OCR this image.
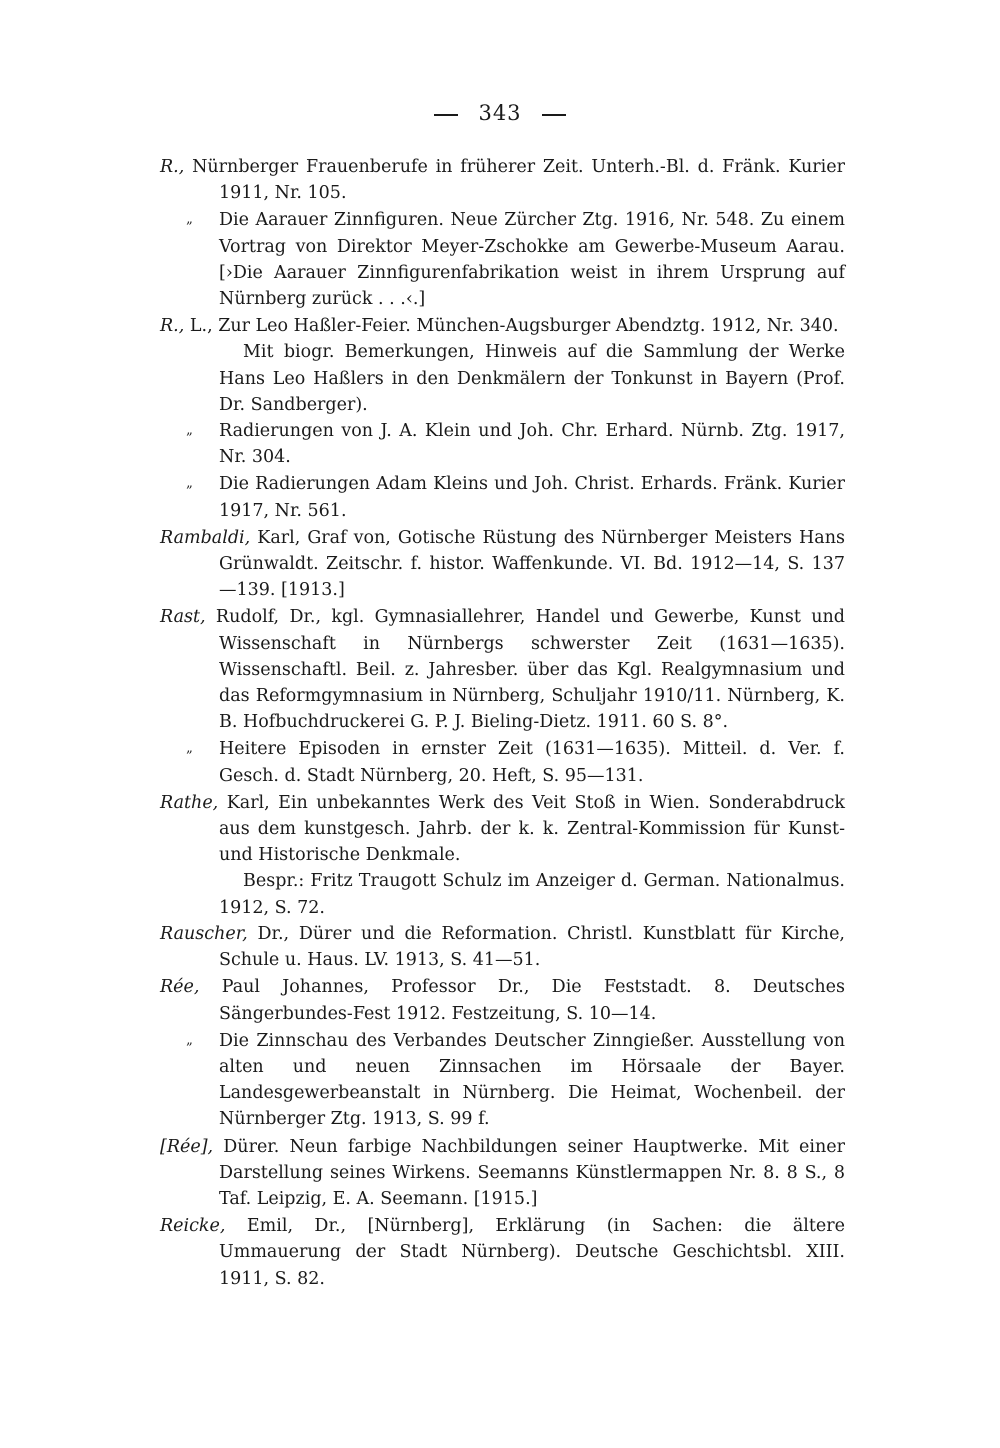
343

R., Nürnberger Frauenberufe in früherer Zeit. Unterh.-Bl. d. Fränk. Kurier 1911, Nr. 105.

„ Die Aarauer Zinnfiguren. Neue Zürcher Ztg. 1916, Nr. 548. Zu einem Vortrag von Direktor Meyer-Zschokke am Gewerbe-Museum Aarau. [›Die Aarauer Zinnfigurenfabrikation weist in ihrem Ursprung auf Nürnberg zurück . . .‹.]

R., L., Zur Leo Haßler-Feier. München-Augsburger Abendztg. 1912, Nr. 340.

Mit biogr. Bemerkungen, Hinweis auf die Sammlung der Werke Hans Leo Haßlers in den Denkmälern der Tonkunst in Bayern (Prof. Dr. Sandberger).

„ Radierungen von J. A. Klein und Joh. Chr. Erhard. Nürnb. Ztg. 1917, Nr. 304.

„ Die Radierungen Adam Kleins und Joh. Christ. Erhards. Fränk. Kurier 1917, Nr. 561.

Rambaldi, Karl, Graf von, Gotische Rüstung des Nürnberger Meisters Hans Grünwaldt. Zeitschr. f. histor. Waffenkunde. VI. Bd. 1912—14, S. 137—139. [1913.]

Rast, Rudolf, Dr., kgl. Gymnasiallehrer, Handel und Gewerbe, Kunst und Wissenschaft in Nürnbergs schwerster Zeit (1631—1635). Wissenschaftl. Beil. z. Jahresber. über das Kgl. Realgymnasium und das Reformgymnasium in Nürnberg, Schuljahr 1910/11. Nürnberg, K. B. Hofbuchdruckerei G. P. J. Bieling-Dietz. 1911. 60 S. 8°.

„ Heitere Episoden in ernster Zeit (1631—1635). Mitteil. d. Ver. f. Gesch. d. Stadt Nürnberg, 20. Heft, S. 95—131.

Rathe, Karl, Ein unbekanntes Werk des Veit Stoß in Wien. Sonderabdruck aus dem kunstgesch. Jahrb. der k. k. Zentral-Kommission für Kunst- und Historische Denkmale.

Bespr.: Fritz Traugott Schulz im Anzeiger d. German. Nationalmus. 1912, S. 72.

Rauscher, Dr., Dürer und die Reformation. Christl. Kunstblatt für Kirche, Schule u. Haus. LV. 1913, S. 41—51.

Rée, Paul Johannes, Professor Dr., Die Feststadt. 8. Deutsches Sängerbundes-Fest 1912. Festzeitung, S. 10—14.

„ Die Zinnschau des Verbandes Deutscher Zinngießer. Ausstellung von alten und neuen Zinnsachen im Hörsaale der Bayer. Landesgewerbeanstalt in Nürnberg. Die Heimat, Wochenbeil. der Nürnberger Ztg. 1913, S. 99 f.

[Rée], Dürer. Neun farbige Nachbildungen seiner Hauptwerke. Mit einer Darstellung seines Wirkens. Seemanns Künstlermappen Nr. 8. 8 S., 8 Taf. Leipzig, E. A. Seemann. [1915.]

Reicke, Emil, Dr., [Nürnberg], Erklärung (in Sachen: die ältere Ummauerung der Stadt Nürnberg). Deutsche Geschichtsbl. XIII. 1911, S. 82.
